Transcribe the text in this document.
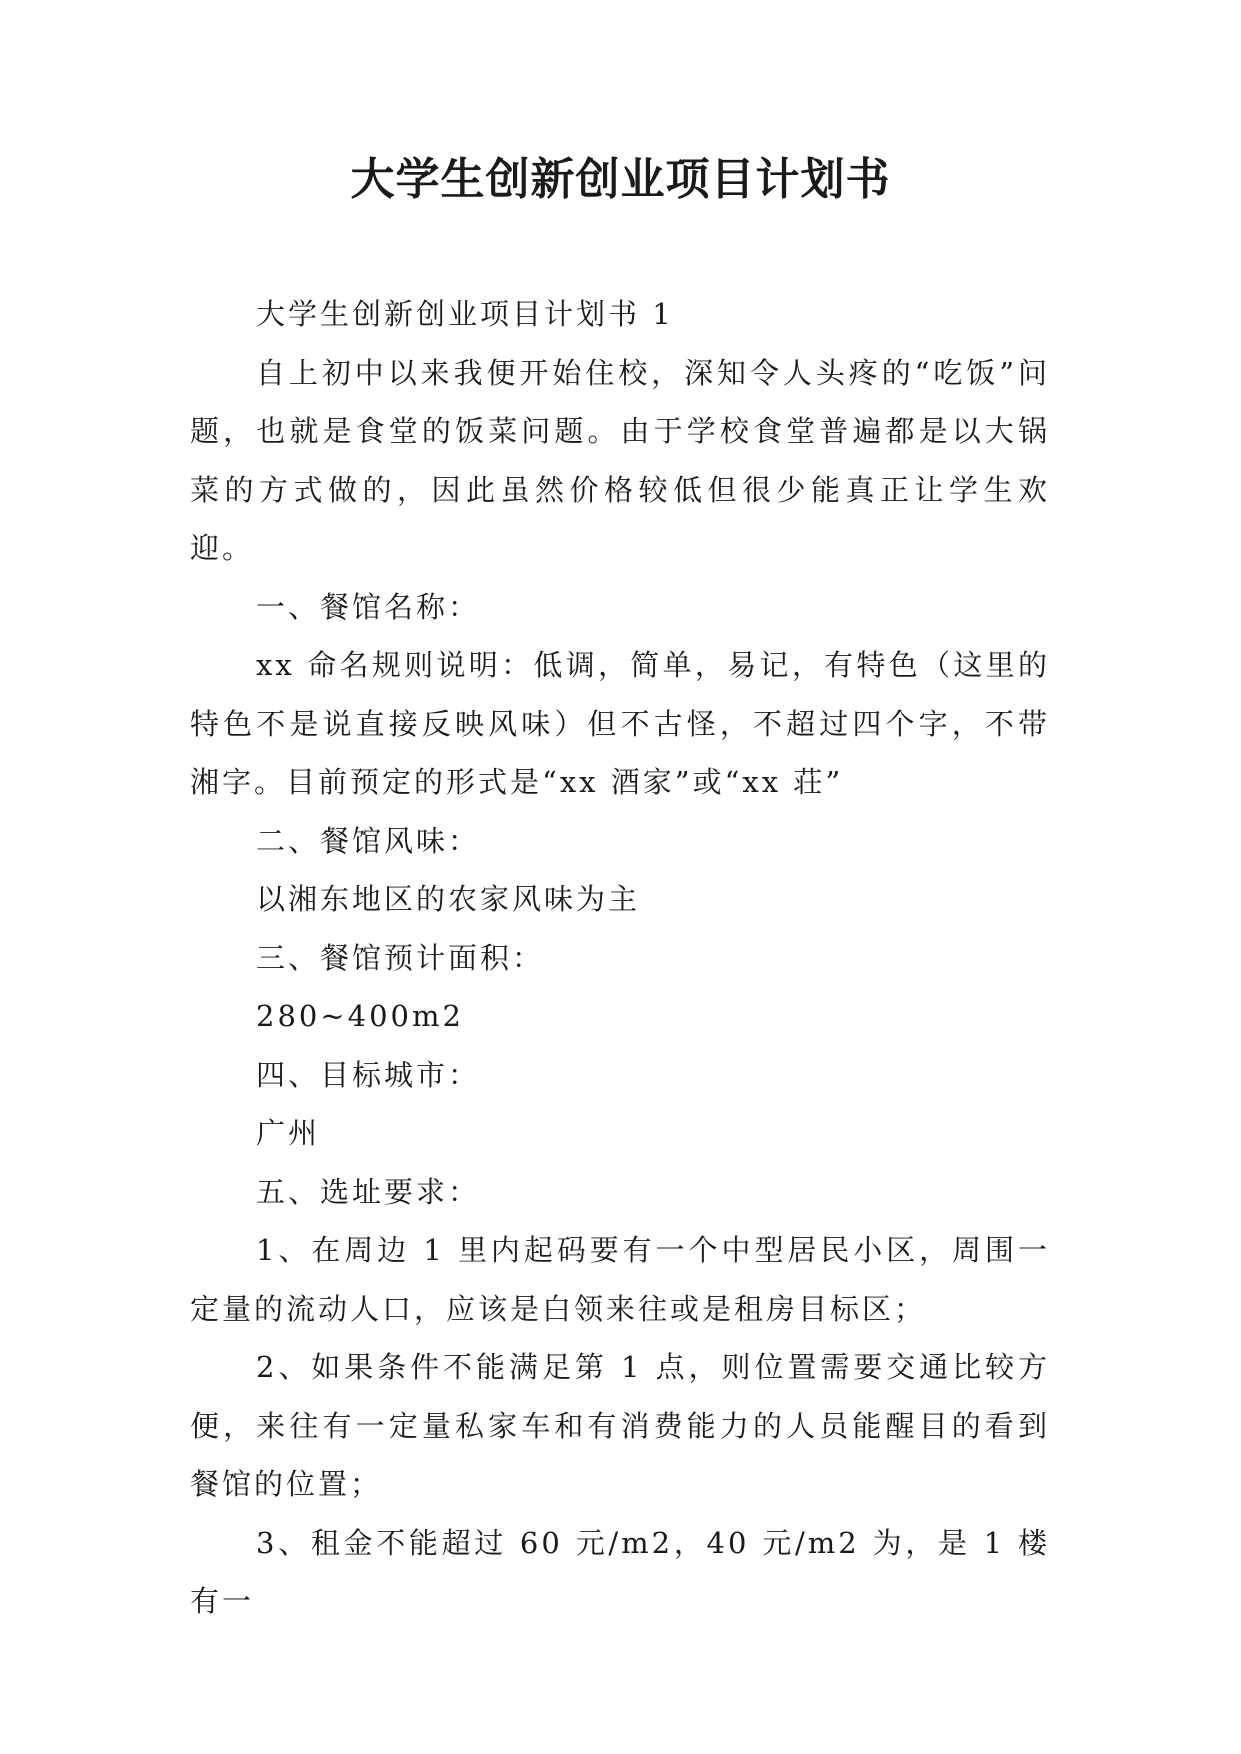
大学生创新创业项目计划书

大学生创新创业项目计划书 1

自上初中以来我便开始住校，深知令人头疼的“吃饭”问题，也就是食堂的饭菜问题。由于学校食堂普遍都是以大锅菜的方式做的，因此虽然价格较低但很少能真正让学生欢迎。

一、餐馆名称：

xx 命名规则说明：低调，简单，易记，有特色（这里的特色不是说直接反映风味）但不古怪，不超过四个字，不带湘字。目前预定的形式是“xx 酒家”或“xx 荘”

二、餐馆风味：

以湘东地区的农家风味为主

三、餐馆预计面积：

280~400m2

四、目标城市：

广州

五、选址要求：

1、在周边 1 里内起码要有一个中型居民小区，周围一定量的流动人口，应该是白领来往或是租房目标区；

2、如果条件不能满足第 1 点，则位置需要交通比较方便，来往有一定量私家车和有消费能力的人员能醒目的看到餐馆的位置；

3、租金不能超过 60 元/m2，40 元/m2 为，是 1 楼有一
